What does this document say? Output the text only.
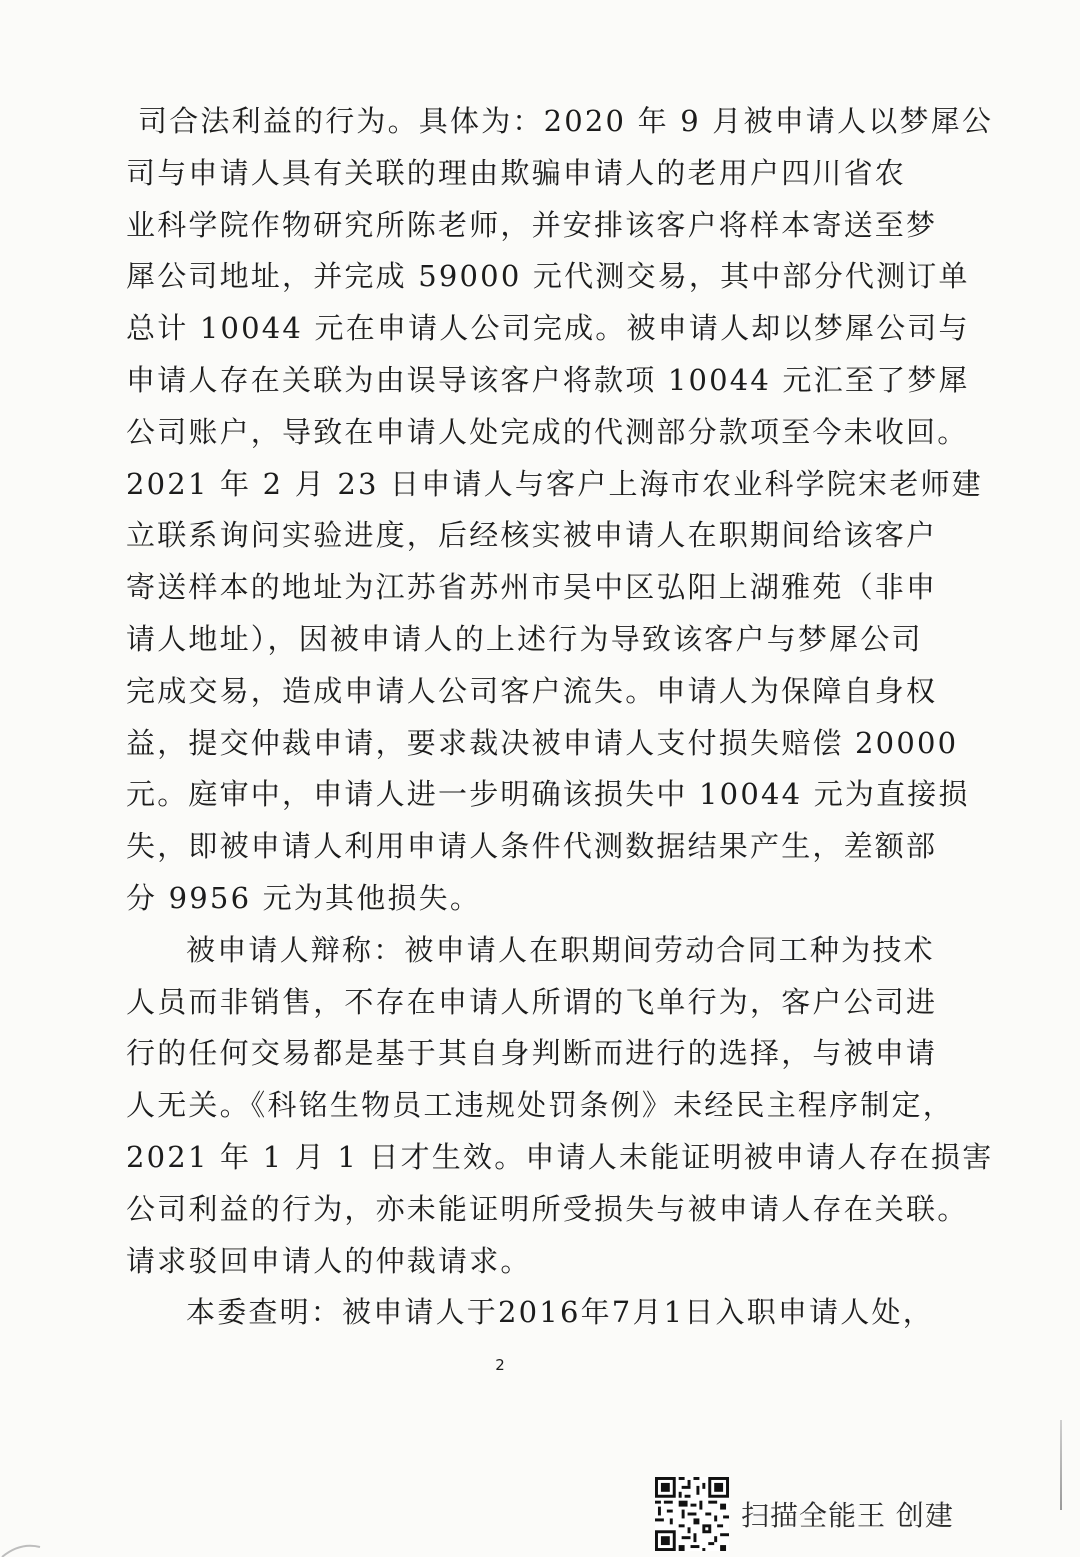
司合法利益的行为。具体为：2020 年 9 月被申请人以梦犀公
司与申请人具有关联的理由欺骗申请人的老用户四川省农
业科学院作物研究所陈老师，并安排该客户将样本寄送至梦
犀公司地址，并完成 59000 元代测交易，其中部分代测订单
总计 10044 元在申请人公司完成。被申请人却以梦犀公司与
申请人存在关联为由误导该客户将款项 10044 元汇至了梦犀
公司账户，导致在申请人处完成的代测部分款项至今未收回。
2021 年 2 月 23 日申请人与客户上海市农业科学院宋老师建
立联系询问实验进度，后经核实被申请人在职期间给该客户
寄送样本的地址为江苏省苏州市吴中区弘阳上湖雅苑（非申
请人地址），因被申请人的上述行为导致该客户与梦犀公司
完成交易，造成申请人公司客户流失。申请人为保障自身权
益，提交仲裁申请，要求裁决被申请人支付损失赔偿 20000
元。庭审中，申请人进一步明确该损失中 10044 元为直接损
失，即被申请人利用申请人条件代测数据结果产生，差额部
分 9956 元为其他损失。
被申请人辩称：被申请人在职期间劳动合同工种为技术
人员而非销售，不存在申请人所谓的飞单行为，客户公司进
行的任何交易都是基于其自身判断而进行的选择，与被申请
人无关。《科铭生物员工违规处罚条例》未经民主程序制定，
2021 年 1 月 1 日才生效。申请人未能证明被申请人存在损害
公司利益的行为，亦未能证明所受损失与被申请人存在关联。
请求驳回申请人的仲裁请求。
本委查明：被申请人于2016年7月1日入职申请人处，
2
扫描全能王 创建
